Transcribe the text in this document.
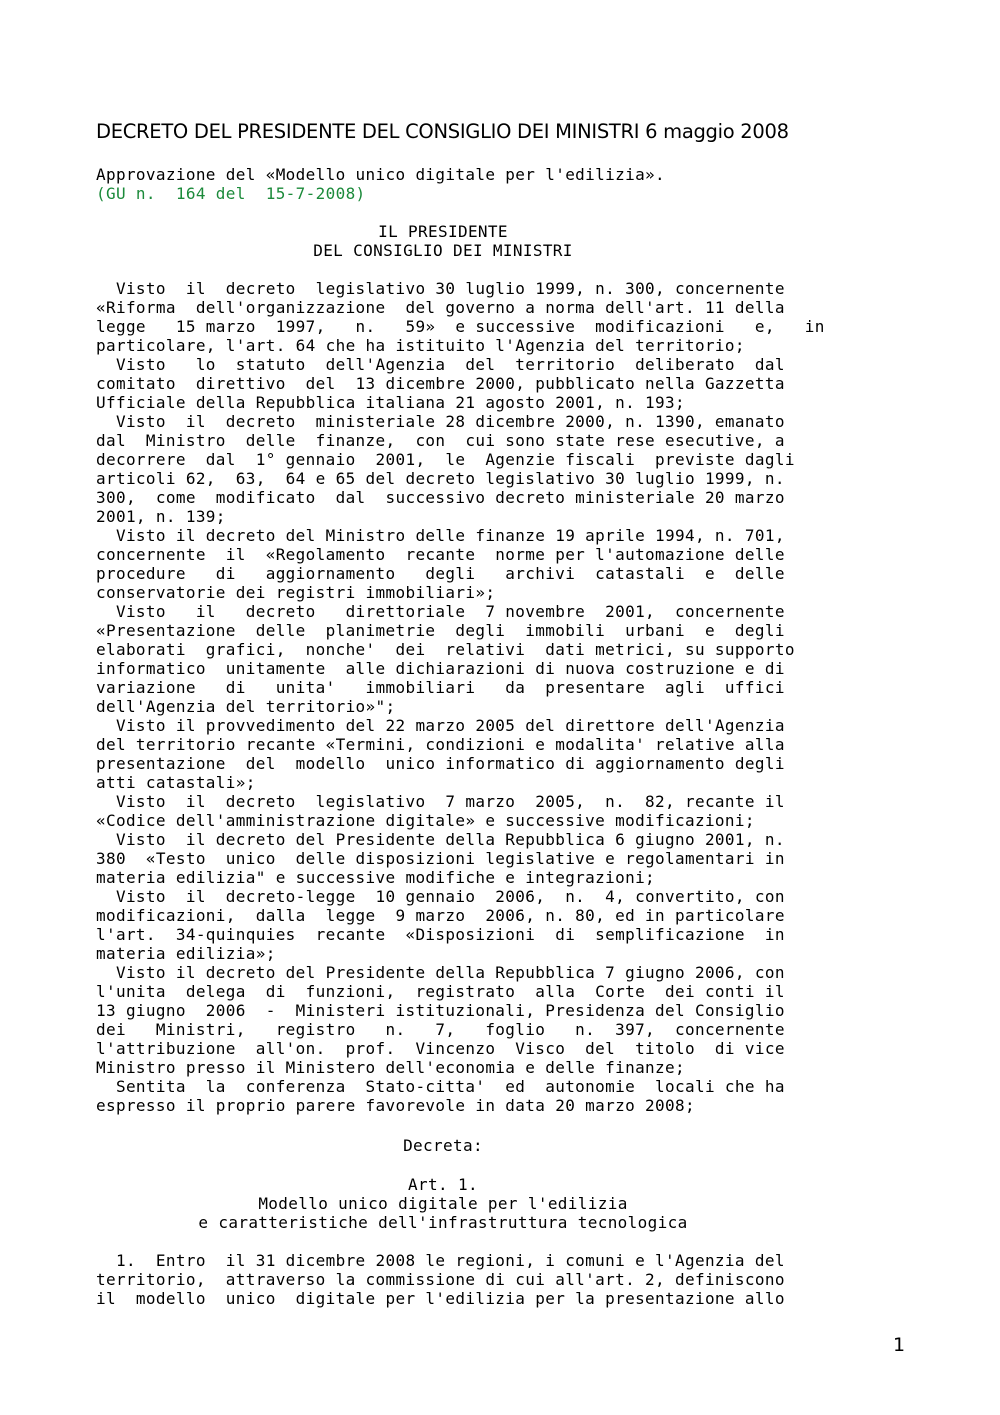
DECRETO DEL PRESIDENTE DEL CONSIGLIO DEI MINISTRI 6 maggio 2008
Approvazione del «Modello unico digitale per l'edilizia».
(GU n.  164 del  15-7-2008)
IL PRESIDENTE
DEL CONSIGLIO DEI MINISTRI
Visto  il  decreto  legislativo 30 luglio 1999, n. 300, concernente
«Riforma  dell'organizzazione  del governo a norma dell'art. 11 della
legge   15 marzo  1997,   n.   59»  e successive  modificazioni   e,   in
particolare, l'art. 64 che ha istituito l'Agenzia del territorio;
Visto   lo  statuto  dell'Agenzia  del  territorio  deliberato  dal
comitato  direttivo  del  13 dicembre 2000, pubblicato nella Gazzetta
Ufficiale della Repubblica italiana 21 agosto 2001, n. 193;
Visto  il  decreto  ministeriale 28 dicembre 2000, n. 1390, emanato
dal  Ministro  delle  finanze,  con  cui sono state rese esecutive, a
decorrere  dal  1° gennaio  2001,  le  Agenzie fiscali  previste dagli
articoli 62,  63,  64 e 65 del decreto legislativo 30 luglio 1999, n.
300,  come  modificato  dal  successivo decreto ministeriale 20 marzo
2001, n. 139;
Visto il decreto del Ministro delle finanze 19 aprile 1994, n. 701,
concernente  il  «Regolamento  recante  norme per l'automazione delle
procedure   di   aggiornamento   degli   archivi  catastali  e  delle
conservatorie dei registri immobiliari»;
Visto   il   decreto   direttoriale  7 novembre  2001,  concernente
«Presentazione  delle  planimetrie  degli  immobili  urbani  e  degli
elaborati  grafici,  nonche'  dei  relativi  dati metrici, su supporto
informatico  unitamente  alle dichiarazioni di nuova costruzione e di
variazione   di   unita'   immobiliari   da  presentare  agli  uffici
dell'Agenzia del territorio»";
Visto il provvedimento del 22 marzo 2005 del direttore dell'Agenzia
del territorio recante «Termini, condizioni e modalita' relative alla
presentazione  del  modello  unico informatico di aggiornamento degli
atti catastali»;
Visto  il  decreto  legislativo  7 marzo  2005,  n.  82, recante il
«Codice dell'amministrazione digitale» e successive modificazioni;
Visto  il decreto del Presidente della Repubblica 6 giugno 2001, n.
380  «Testo  unico  delle disposizioni legislative e regolamentari in
materia edilizia" e successive modifiche e integrazioni;
Visto  il  decreto-legge  10 gennaio  2006,  n.  4, convertito, con
modificazioni,  dalla  legge  9 marzo  2006, n. 80, ed in particolare
l'art.  34-quinquies  recante  «Disposizioni  di  semplificazione  in
materia edilizia»;
Visto il decreto del Presidente della Repubblica 7 giugno 2006, con
l'unita  delega  di  funzioni,  registrato  alla  Corte  dei conti il
13 giugno  2006  -  Ministeri istituzionali, Presidenza del Consiglio
dei   Ministri,   registro   n.   7,   foglio   n.  397,  concernente
l'attribuzione  all'on.  prof.  Vincenzo  Visco  del  titolo  di vice
Ministro presso il Ministero dell'economia e delle finanze;
Sentita  la  conferenza  Stato-citta'  ed  autonomie  locali che ha
espresso il proprio parere favorevole in data 20 marzo 2008;
Decreta:
Art. 1.
Modello unico digitale per l'edilizia
e caratteristiche dell'infrastruttura tecnologica
1.  Entro  il 31 dicembre 2008 le regioni, i comuni e l'Agenzia del
territorio,  attraverso la commissione di cui all'art. 2, definiscono
il  modello  unico  digitale per l'edilizia per la presentazione allo
1
